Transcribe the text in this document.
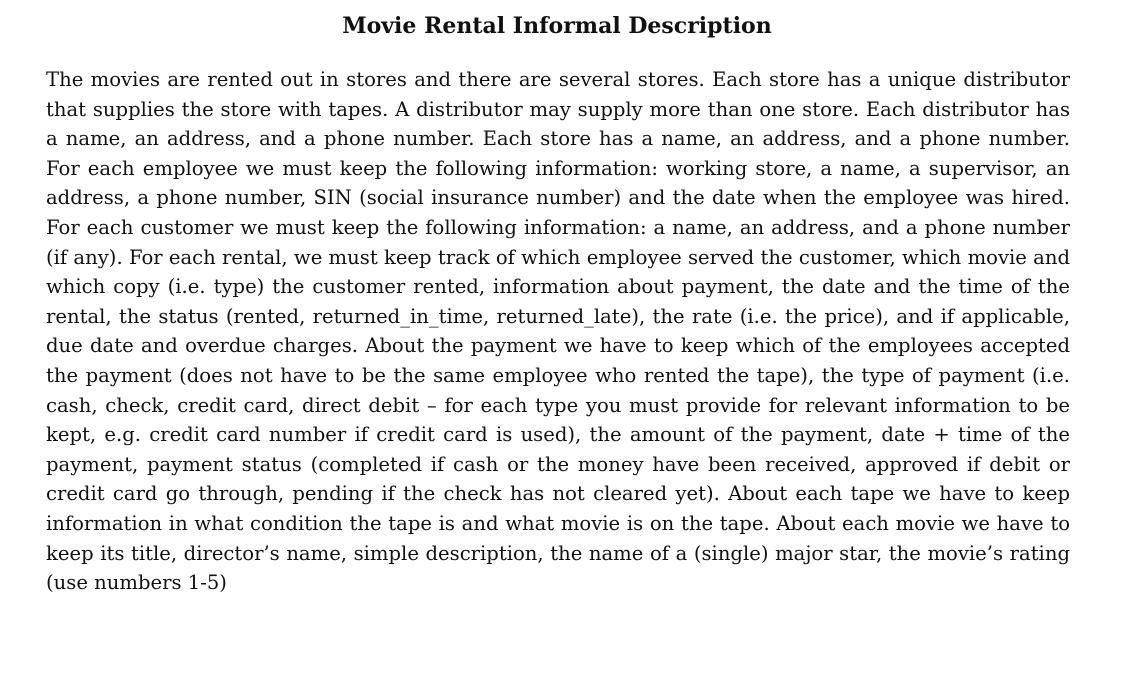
Movie Rental Informal Description

The movies are rented out in stores and there are several stores. Each store has a unique distributor that supplies the store with tapes. A distributor may supply more than one store. Each distributor has a name, an address, and a phone number. Each store has a name, an address, and a phone number. For each employee we must keep the following information: working store, a name, a supervisor, an address, a phone number, SIN (social insurance number) and the date when the employee was hired. For each customer we must keep the following information: a name, an address, and a phone number (if any). For each rental, we must keep track of which employee served the customer, which movie and which copy (i.e. type) the customer rented, information about payment, the date and the time of the rental, the status (rented, returned_in_time, returned_late), the rate (i.e. the price), and if applicable, due date and overdue charges. About the payment we have to keep which of the employees accepted the payment (does not have to be the same employee who rented the tape), the type of payment (i.e. cash, check, credit card, direct debit – for each type you must provide for relevant information to be kept, e.g. credit card number if credit card is used), the amount of the payment, date + time of the payment, payment status (completed if cash or the money have been received, approved if debit or credit card go through, pending if the check has not cleared yet). About each tape we have to keep information in what condition the tape is and what movie is on the tape. About each movie we have to keep its title, director’s name, simple description, the name of a (single) major star, the movie’s rating (use numbers 1-5)
